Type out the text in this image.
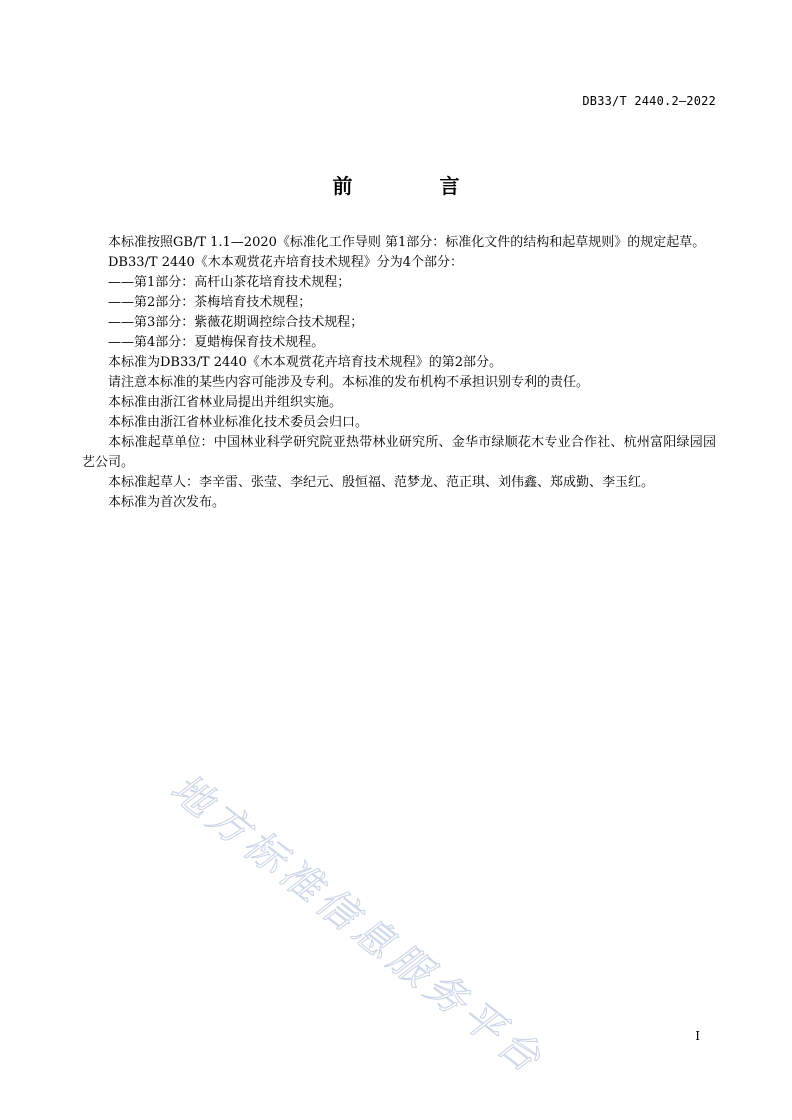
DB33/T 2440.2—2022
前 言

本标准按照GB/T 1.1—2020《标准化工作导则 第1部分：标准化文件的结构和起草规则》的规定起草。

DB33/T 2440《木本观赏花卉培育技术规程》分为4个部分：

——第1部分：高杆山茶花培育技术规程；

——第2部分：茶梅培育技术规程；

——第3部分：紫薇花期调控综合技术规程；

——第4部分：夏蜡梅保育技术规程。

本标准为DB33/T 2440《木本观赏花卉培育技术规程》的第2部分。

请注意本标准的某些内容可能涉及专利。本标准的发布机构不承担识别专利的责任。

本标准由浙江省林业局提出并组织实施。

本标准由浙江省林业标准化技术委员会归口。

本标准起草单位：中国林业科学研究院亚热带林业研究所、金华市绿顺花木专业合作社、杭州富阳绿园园艺公司。

本标准起草人：李辛雷、张莹、李纪元、殷恒福、范梦龙、范正琪、刘伟鑫、郑成勤、李玉红。

本标准为首次发布。

地方标准信息服务平台	I
